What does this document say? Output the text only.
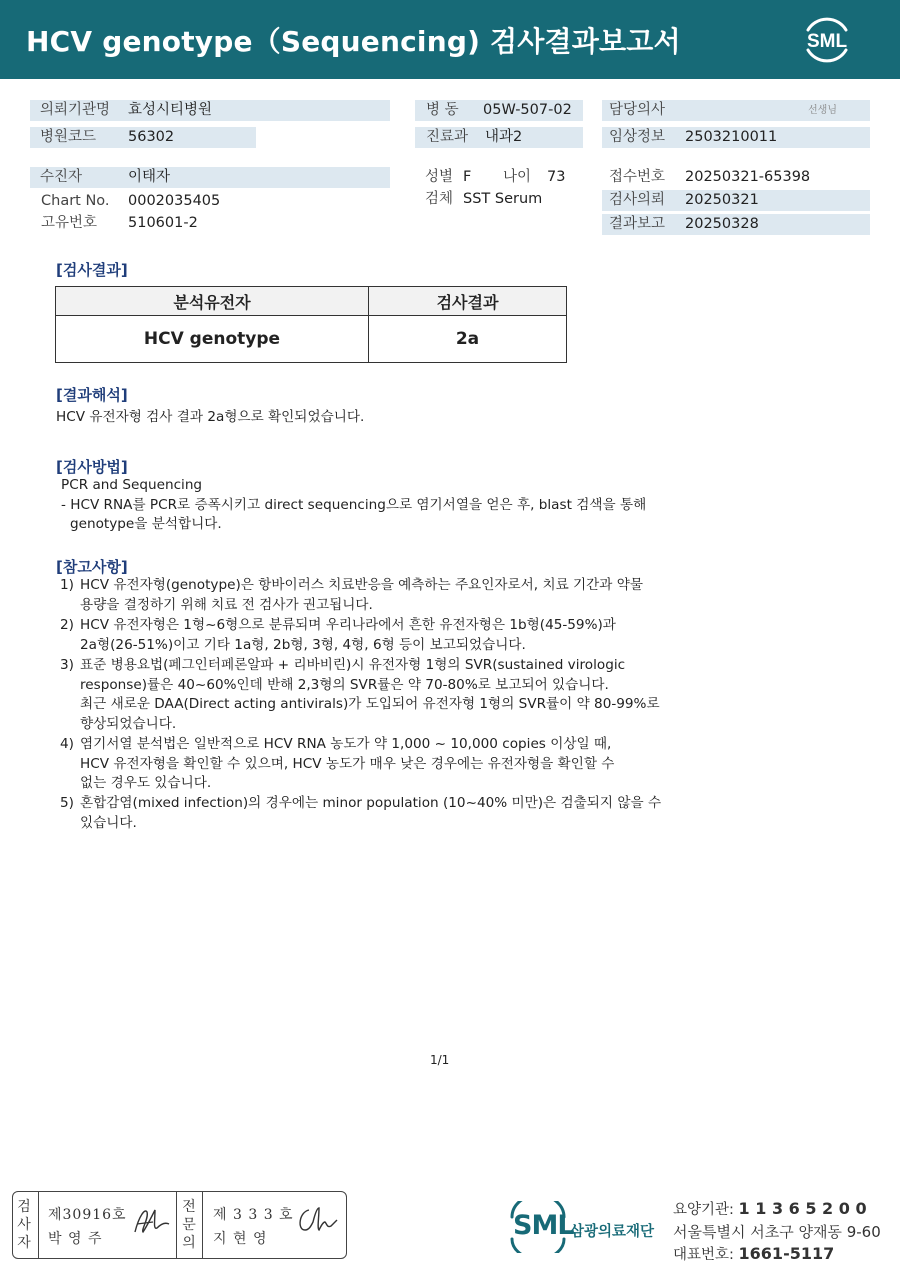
HCV genotype（Sequencing) 검사결과보고서	SML
의뢰기관명 효성시티병원	병 동 05W-507-02	담당의사	선생님
병원코드 56302	진료과 내과2	임상정보 2503210011
수진자	이태자	성별 F 나이 73	접수번호 20250321-65398
Chart No. 0002035405	검체 SST Serum	검사의뢰 20250321
고유번호 510601-2	결과보고 20250328
[검사결과]
분석유전자	검사결과
HCV genotype	2a
[결과해석]
HCV 유전자형 검사 결과 2a형으로 확인되었습니다.
[검사방법]
PCR and Sequencing
- HCV RNA를 PCR로 증폭시키고 direct sequencing으로 염기서열을 얻은 후, blast 검색을 통해
genotype을 분석합니다.
[참고사항]
1) HCV 유전자형(genotype)은 항바이러스 치료반응을 예측하는 주요인자로서, 치료 기간과 약물
용량을 결정하기 위해 치료 전 검사가 권고됩니다.
2) HCV 유전자형은 1형~6형으로 분류되며 우리나라에서 흔한 유전자형은 1b형(45-59%)과
2a형(26-51%)이고 기타 1a형, 2b형, 3형, 4형, 6형 등이 보고되었습니다.
3) 표준 병용요법(페그인터페론알파 + 리바비린)시 유전자형 1형의 SVR(sustained virologic
response)률은 40~60%인데 반해 2,3형의 SVR률은 약 70-80%로 보고되어 있습니다.
최근 새로운 DAA(Direct acting antivirals)가 도입되어 유전자형 1형의 SVR률이 약 80-99%로
향상되었습니다.
4) 염기서열 분석법은 일반적으로 HCV RNA 농도가 약 1,000 ~ 10,000 copies 이상일 때,
HCV 유전자형을 확인할 수 있으며, HCV 농도가 매우 낮은 경우에는 유전자형을 확인할 수
없는 경우도 있습니다.
5) 혼합감염(mixed infection)의 경우에는 minor population (10~40% 미만)은 검출되지 않을 수
있습니다.
1/1
검
사
자
제30916호
박 영 주
전
문
의
제 3 3 3 호
지 현 영	SML
삼광의료재단
요양기관: 1 1 3 6 5 2 0 0
서울특별시 서초구 양재동 9-60
대표번호: 1661-5117
